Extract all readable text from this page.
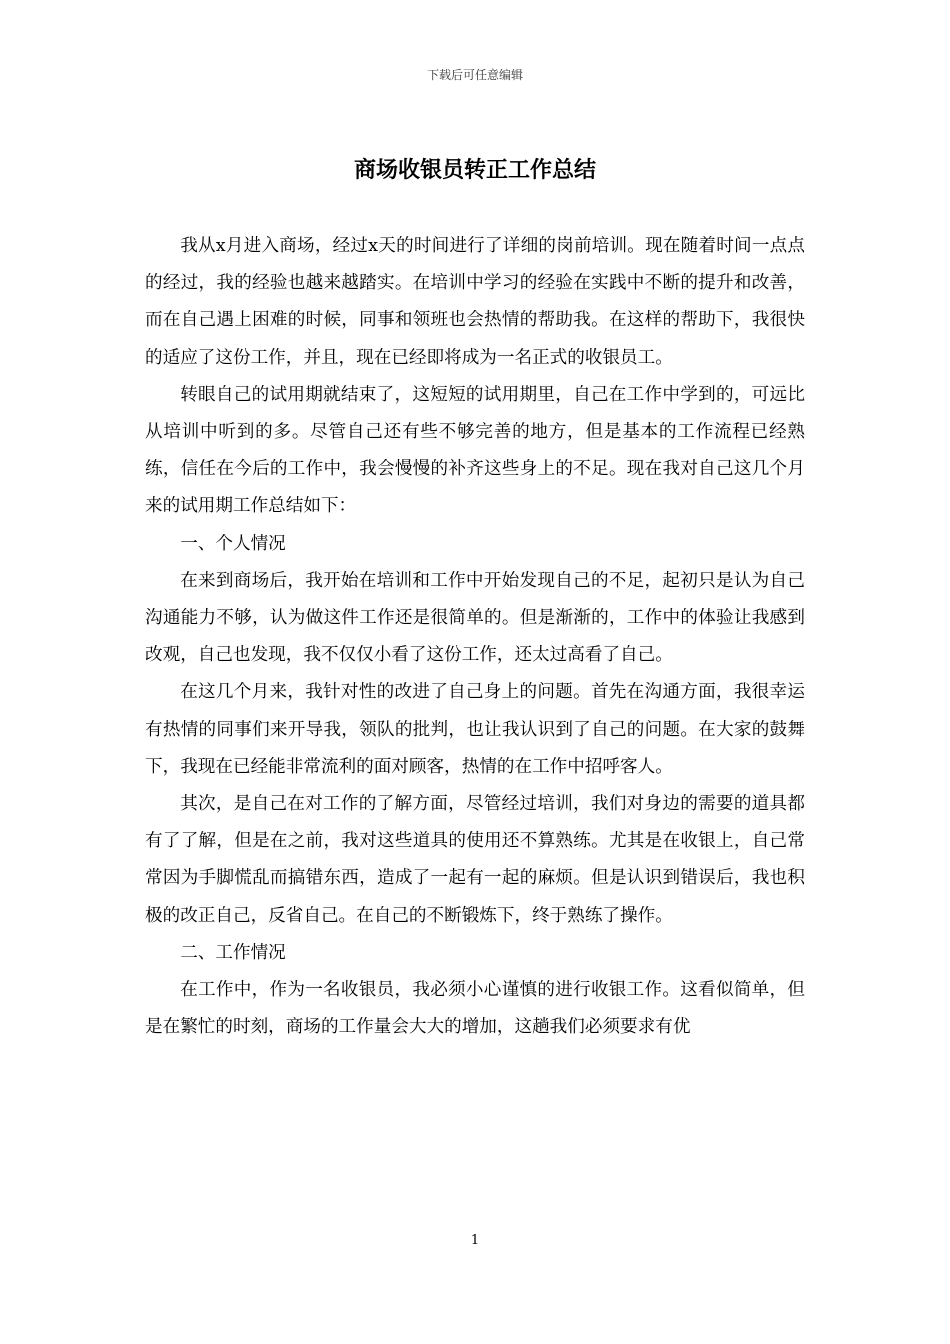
下载后可任意编辑
商场收银员转正工作总结

我从x月进入商场，经过x天的时间进行了详细的岗前培训。现在随着时间一点点的经过，我的经验也越来越踏实。在培训中学习的经验在实践中不断的提升和改善，而在自己遇上困难的时候，同事和领班也会热情的帮助我。在这样的帮助下，我很快的适应了这份工作，并且，现在已经即将成为一名正式的收银员工。

转眼自己的试用期就结束了，这短短的试用期里，自己在工作中学到的，可远比从培训中听到的多。尽管自己还有些不够完善的地方，但是基本的工作流程已经熟练，信任在今后的工作中，我会慢慢的补齐这些身上的不足。现在我对自己这几个月来的试用期工作总结如下：

一、个人情况

在来到商场后，我开始在培训和工作中开始发现自己的不足，起初只是认为自己沟通能力不够，认为做这件工作还是很简单的。但是渐渐的，工作中的体验让我感到改观，自己也发现，我不仅仅小看了这份工作，还太过高看了自己。

在这几个月来，我针对性的改进了自己身上的问题。首先在沟通方面，我很幸运有热情的同事们来开导我，领队的批判，也让我认识到了自己的问题。在大家的鼓舞下，我现在已经能非常流利的面对顾客，热情的在工作中招呼客人。

其次，是自己在对工作的了解方面，尽管经过培训，我们对身边的需要的道具都有了了解，但是在之前，我对这些道具的使用还不算熟练。尤其是在收银上，自己常常因为手脚慌乱而搞错东西，造成了一起有一起的麻烦。但是认识到错误后，我也积极的改正自己，反省自己。在自己的不断锻炼下，终于熟练了操作。

二、工作情况

在工作中，作为一名收银员，我必须小心谨慎的进行收银工作。这看似简单，但是在繁忙的时刻，商场的工作量会大大的增加，这趟我们必须要求有优

1
